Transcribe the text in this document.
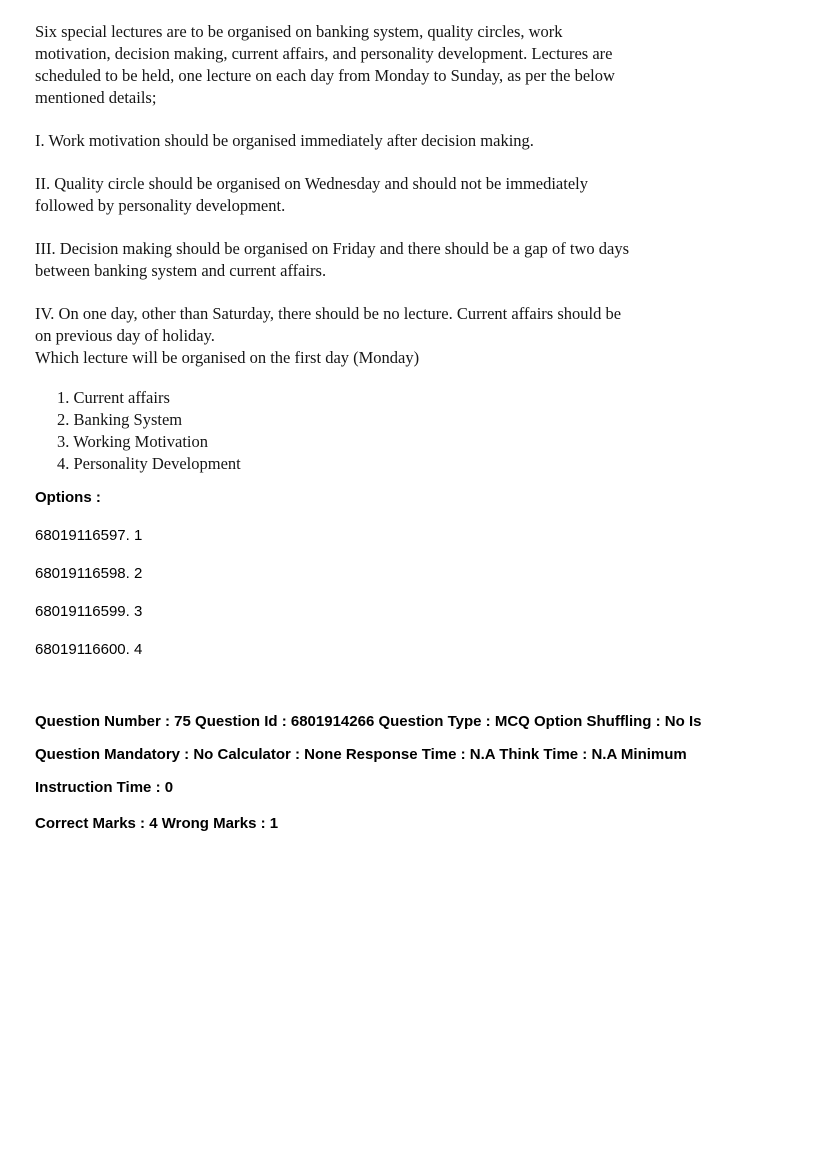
Six special lectures are to be organised on banking system, quality circles, work motivation, decision making, current affairs, and personality development. Lectures are scheduled to be held, one lecture on each day from Monday to Sunday, as per the below mentioned details;

I. Work motivation should be organised immediately after decision making.

II. Quality circle should be organised on Wednesday and should not be immediately followed by personality development.

III. Decision making should be organised on Friday and there should be a gap of two days between banking system and current affairs.

IV. On one day, other than Saturday, there should be no lecture. Current affairs should be on previous day of holiday.

Which lecture will be organised on the first day (Monday)

1. Current affairs
2. Banking System
3. Working Motivation
4. Personality Development
Options :
68019116597. 1
68019116598. 2
68019116599. 3
68019116600. 4
Question Number : 75 Question Id : 6801914266 Question Type : MCQ Option Shuffling : No Is
Question Mandatory : No Calculator : None Response Time : N.A Think Time : N.A Minimum
Instruction Time : 0
Correct Marks : 4 Wrong Marks : 1
